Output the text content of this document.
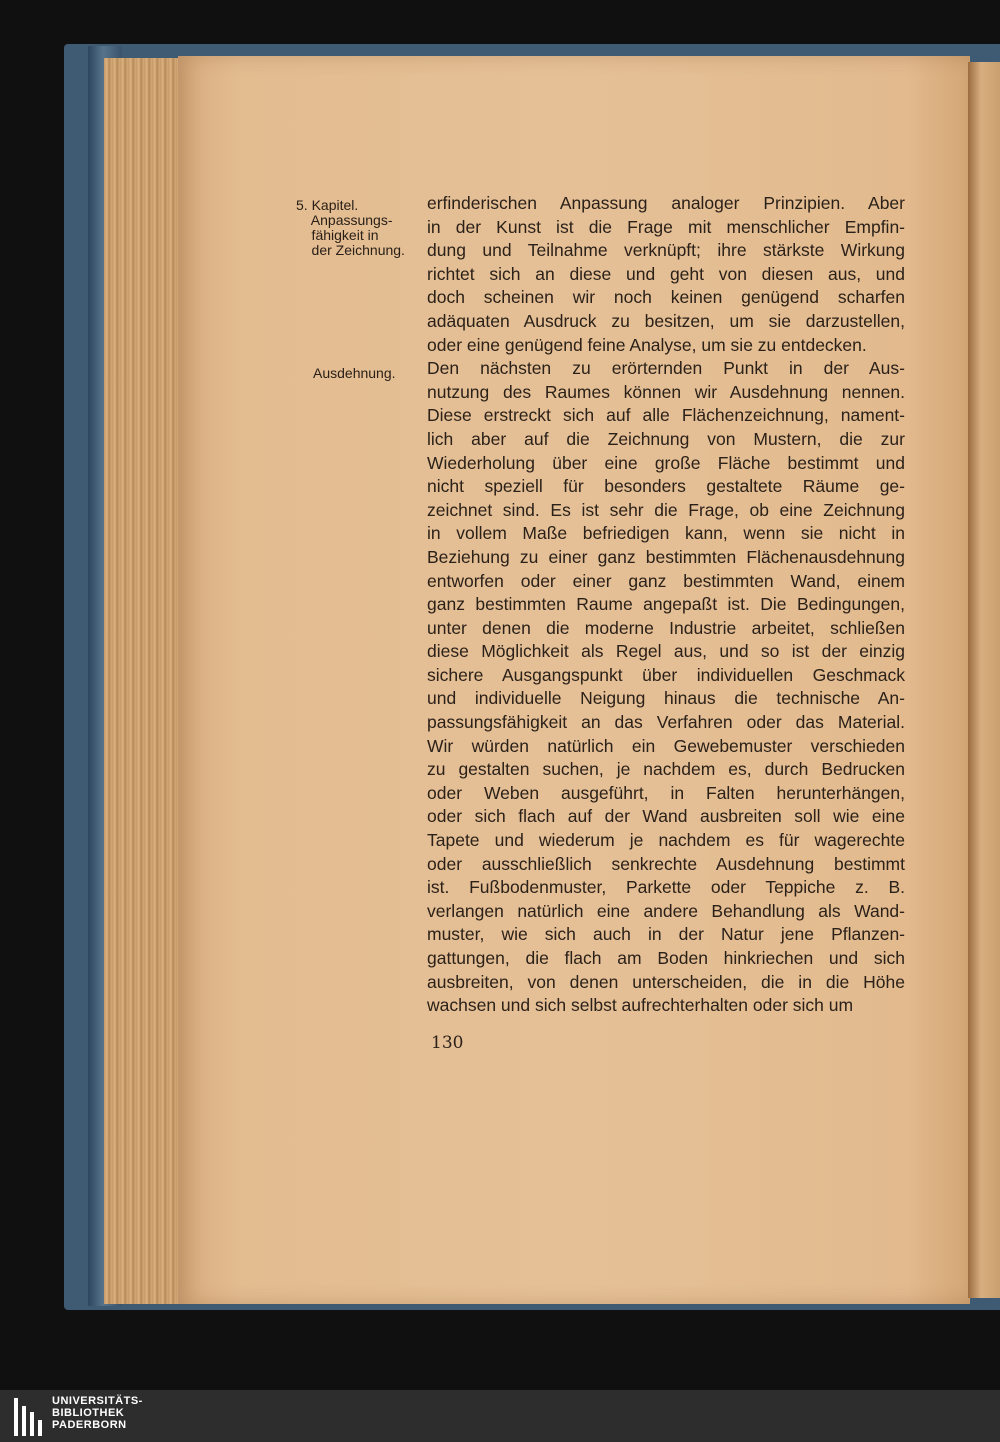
5. Kapitel.
Anpassungs-
fähigkeit in
der Zeichnung.
Ausdehnung.
erfinderischen Anpassung analoger Prinzipien. Aber
in der Kunst ist die Frage mit menschlicher Empfin-
dung und Teilnahme verknüpft; ihre stärkste Wirkung
richtet sich an diese und geht von diesen aus, und
doch scheinen wir noch keinen genügend scharfen
adäquaten Ausdruck zu besitzen, um sie darzustellen,
oder eine genügend feine Analyse, um sie zu entdecken.
Den nächsten zu erörternden Punkt in der Aus-
nutzung des Raumes können wir Ausdehnung nennen.
Diese erstreckt sich auf alle Flächenzeichnung, nament-
lich aber auf die Zeichnung von Mustern, die zur
Wiederholung über eine große Fläche bestimmt und
nicht speziell für besonders gestaltete Räume ge-
zeichnet sind. Es ist sehr die Frage, ob eine Zeichnung
in vollem Maße befriedigen kann, wenn sie nicht in
Beziehung zu einer ganz bestimmten Flächenausdehnung
entworfen oder einer ganz bestimmten Wand, einem
ganz bestimmten Raume angepaßt ist. Die Bedingungen,
unter denen die moderne Industrie arbeitet, schließen
diese Möglichkeit als Regel aus, und so ist der einzig
sichere Ausgangspunkt über individuellen Geschmack
und individuelle Neigung hinaus die technische An-
passungsfähigkeit an das Verfahren oder das Material.
Wir würden natürlich ein Gewebemuster verschieden
zu gestalten suchen, je nachdem es, durch Bedrucken
oder Weben ausgeführt, in Falten herunterhängen,
oder sich flach auf der Wand ausbreiten soll wie eine
Tapete und wiederum je nachdem es für wagerechte
oder ausschließlich senkrechte Ausdehnung bestimmt
ist. Fußbodenmuster, Parkette oder Teppiche z. B.
verlangen natürlich eine andere Behandlung als Wand-
muster, wie sich auch in der Natur jene Pflanzen-
gattungen, die flach am Boden hinkriechen und sich
ausbreiten, von denen unterscheiden, die in die Höhe
wachsen und sich selbst aufrechterhalten oder sich um
130
UNIVERSITÄTS-
BIBLIOTHEK
PADERBORN
